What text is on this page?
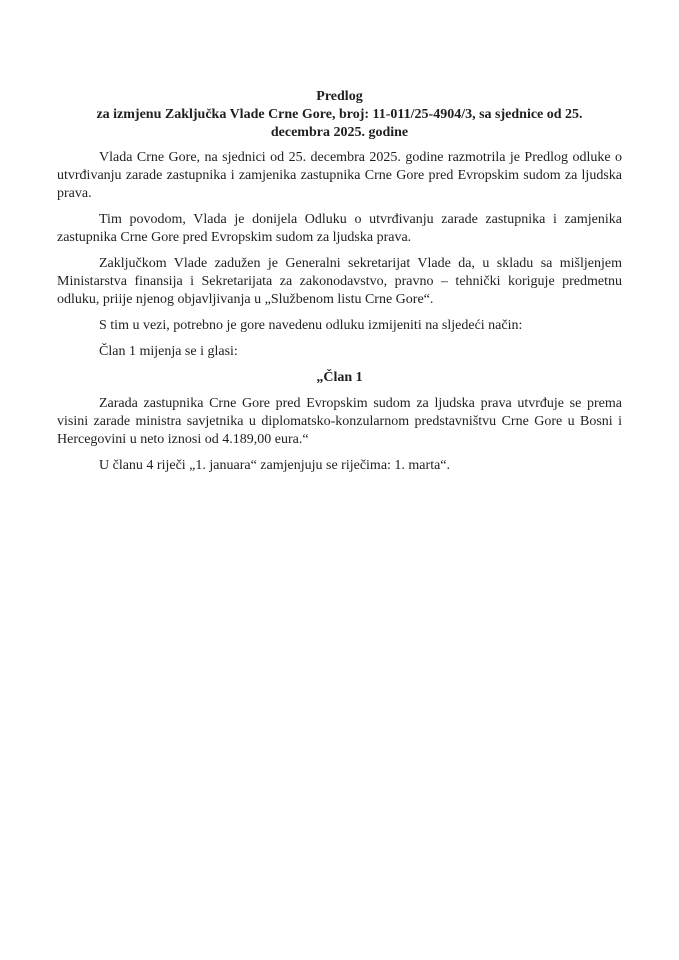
Predlog
za izmjenu Zaključka Vlade Crne Gore, broj: 11-011/25-4904/3, sa sjednice od 25.
decembra 2025. godine

Vlada Crne Gore, na sjednici od 25. decembra 2025. godine razmotrila je Predlog odluke o utvrđivanju zarade zastupnika i zamjenika zastupnika Crne Gore pred Evropskim sudom za ljudska prava.

Tim povodom, Vlada je donijela Odluku o utvrđivanju zarade zastupnika i zamjenika zastupnika Crne Gore pred Evropskim sudom za ljudska prava.

Zaključkom Vlade zadužen je Generalni sekretarijat Vlade da, u skladu sa mišljenjem Ministarstva finansija i Sekretarijata za zakonodavstvo, pravno – tehnički koriguje predmetnu odluku, priije njenog objavljivanja u „Službenom listu Crne Gore“.

S tim u vezi, potrebno je gore navedenu odluku izmijeniti na sljedeći način:

Član 1 mijenja se i glasi:

„Član 1

Zarada zastupnika Crne Gore pred Evropskim sudom za ljudska prava utvrđuje se prema visini zarade ministra savjetnika u diplomatsko-konzularnom predstavništvu Crne Gore u Bosni i Hercegovini u neto iznosi od 4.189,00 eura.“

U članu 4 riječi „1. januara“ zamjenjuju se riječima: 1. marta“.
